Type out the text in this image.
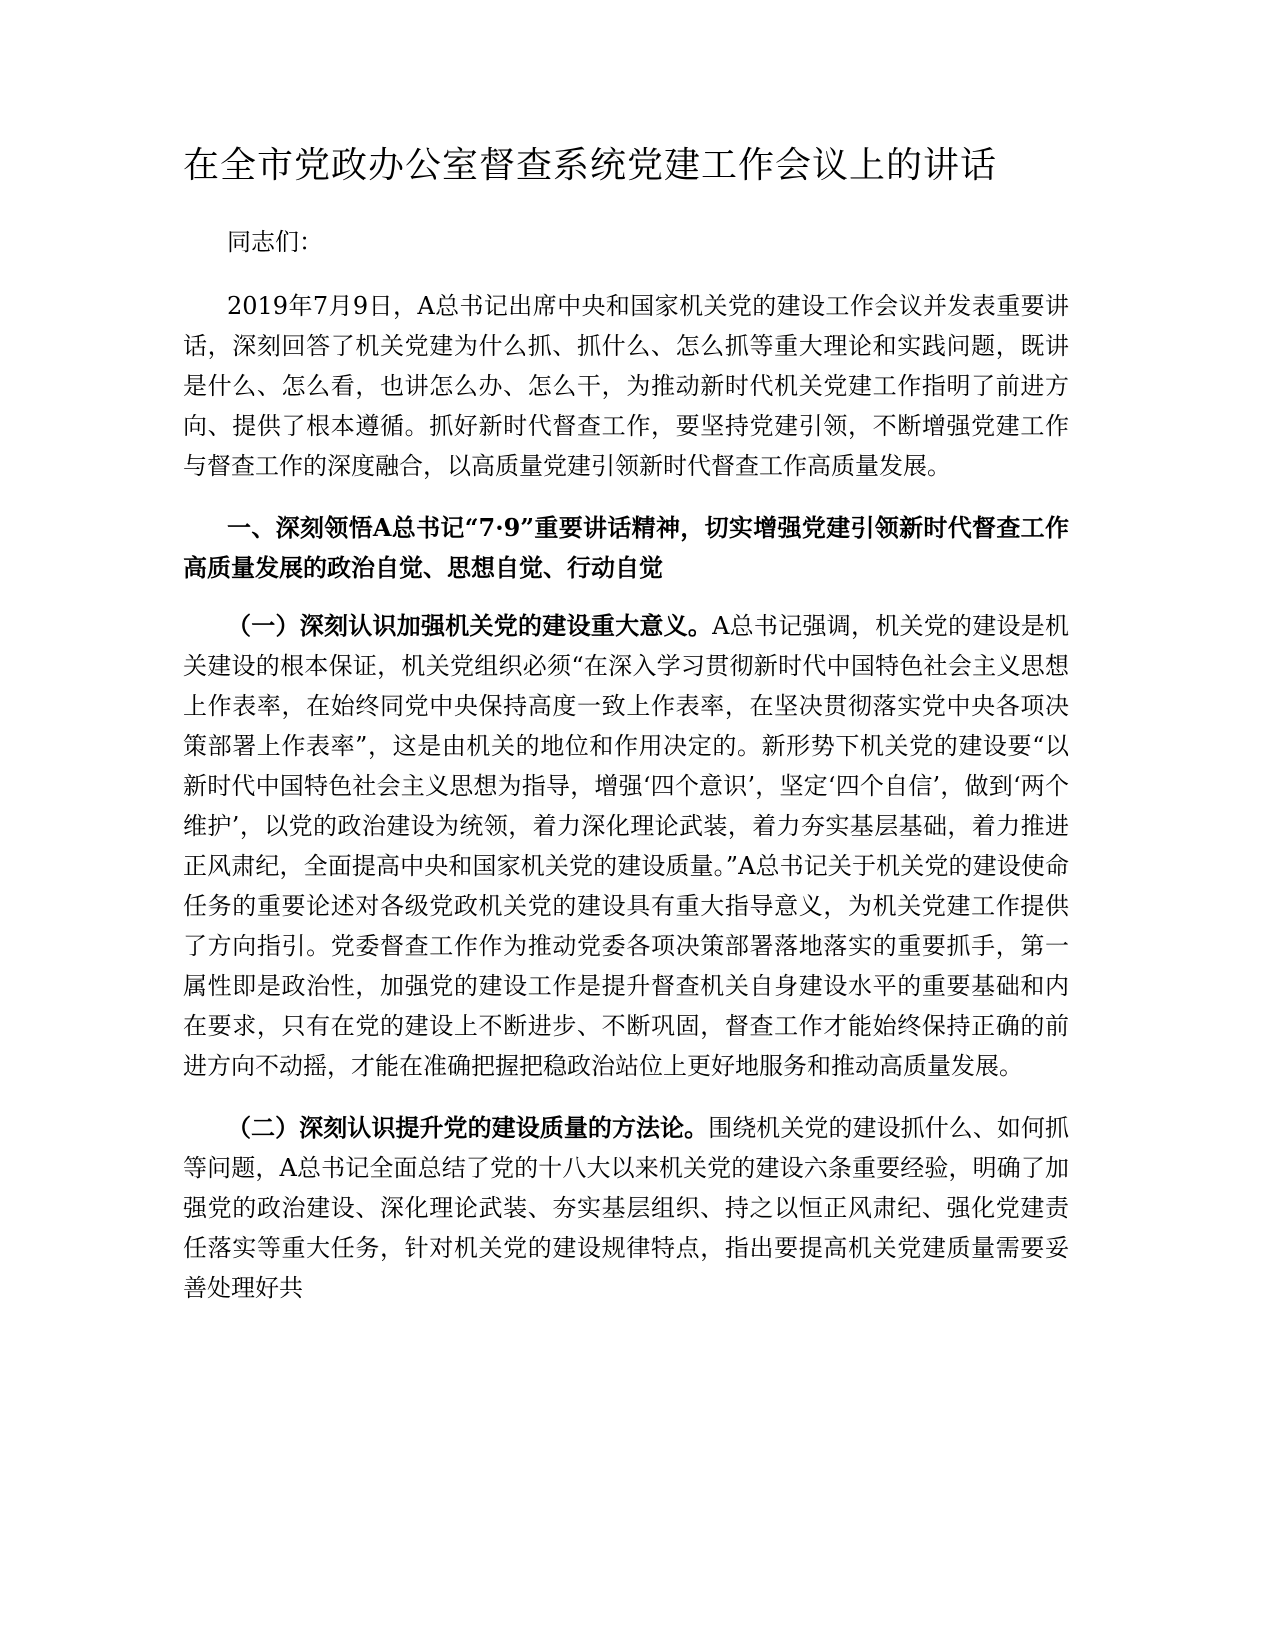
在全市党政办公室督查系统党建工作会议上的讲话

同志们：

2019年7月9日，A总书记出席中央和国家机关党的建设工作会议并发表重要讲话，深刻回答了机关党建为什么抓、抓什么、怎么抓等重大理论和实践问题，既讲是什么、怎么看，也讲怎么办、怎么干，为推动新时代机关党建工作指明了前进方向、提供了根本遵循。抓好新时代督查工作，要坚持党建引领，不断增强党建工作与督查工作的深度融合，以高质量党建引领新时代督查工作高质量发展。

一、深刻领悟A总书记“7·9”重要讲话精神，切实增强党建引领新时代督查工作高质量发展的政治自觉、思想自觉、行动自觉

（一）深刻认识加强机关党的建设重大意义。A总书记强调，机关党的建设是机关建设的根本保证，机关党组织必须“在深入学习贯彻新时代中国特色社会主义思想上作表率，在始终同党中央保持高度一致上作表率，在坚决贯彻落实党中央各项决策部署上作表率”，这是由机关的地位和作用决定的。新形势下机关党的建设要“以新时代中国特色社会主义思想为指导，增强‘四个意识’，坚定‘四个自信’，做到‘两个维护’，以党的政治建设为统领，着力深化理论武装，着力夯实基层基础，着力推进正风肃纪，全面提高中央和国家机关党的建设质量。”A总书记关于机关党的建设使命任务的重要论述对各级党政机关党的建设具有重大指导意义，为机关党建工作提供了方向指引。党委督查工作作为推动党委各项决策部署落地落实的重要抓手，第一属性即是政治性，加强党的建设工作是提升督查机关自身建设水平的重要基础和内在要求，只有在党的建设上不断进步、不断巩固，督查工作才能始终保持正确的前进方向不动摇，才能在准确把握把稳政治站位上更好地服务和推动高质量发展。

（二）深刻认识提升党的建设质量的方法论。围绕机关党的建设抓什么、如何抓等问题，A总书记全面总结了党的十八大以来机关党的建设六条重要经验，明确了加强党的政治建设、深化理论武装、夯实基层组织、持之以恒正风肃纪、强化党建责任落实等重大任务，针对机关党的建设规律特点，指出要提高机关党建质量需要妥善处理好共
